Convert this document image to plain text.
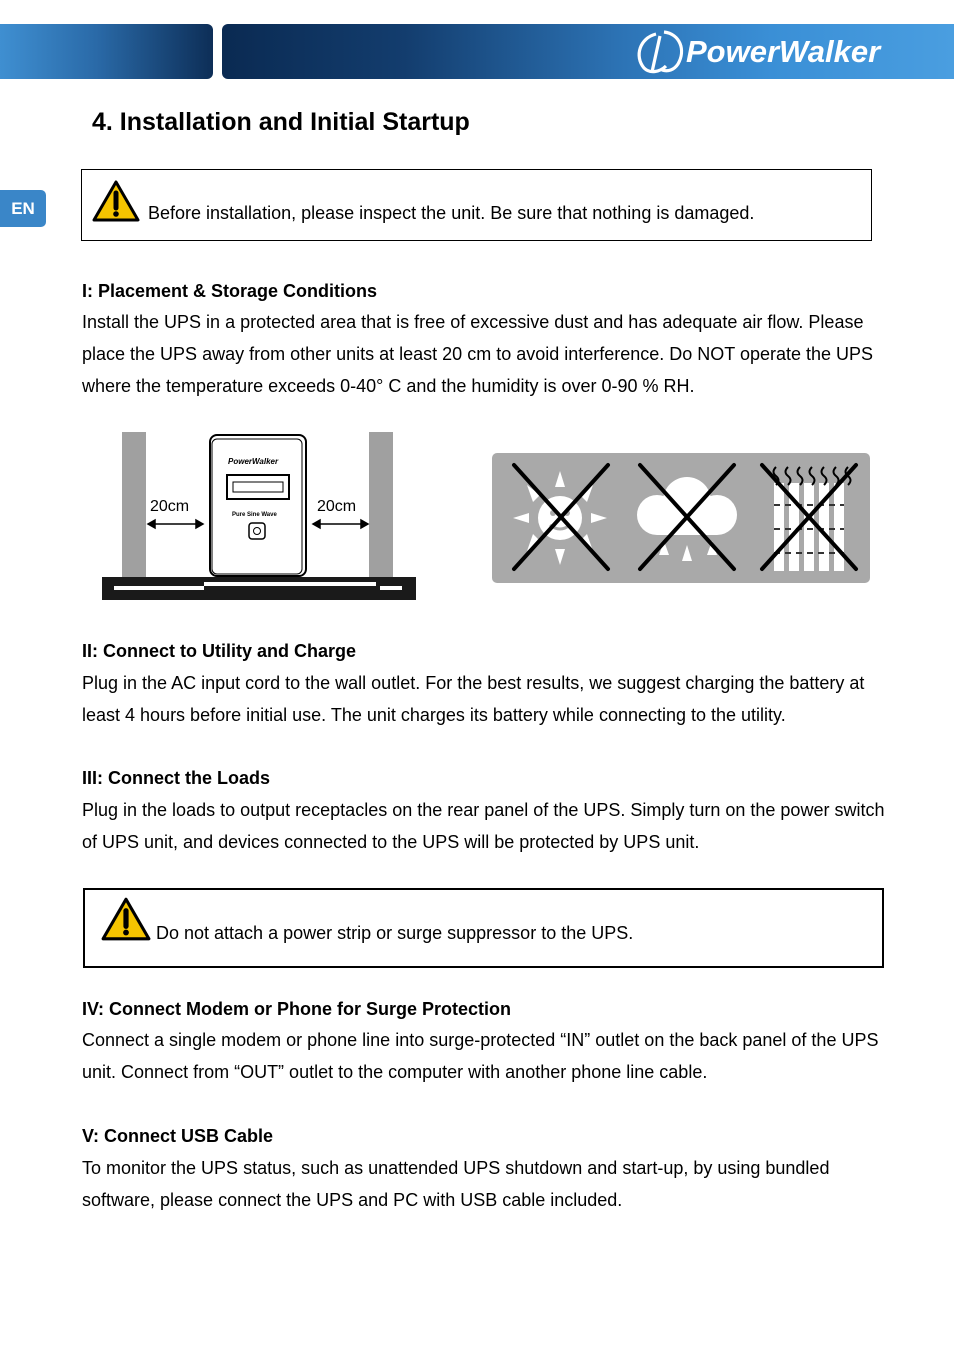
PowerWalker
EN
4. Installation and Initial Startup
Before installation, please inspect the unit. Be sure that nothing is damaged.
I: Placement & Storage Conditions
Install the UPS in a protected area that is free of excessive dust and has adequate air flow. Please place the UPS away from other units at least 20 cm to avoid interference. Do NOT operate the UPS where the temperature exceeds 0-40° C and the humidity is over 0-90 % RH.
PowerWalker
Pure Sine Wave
20cm	20cm
II: Connect to Utility and Charge
Plug in the AC input cord to the wall outlet. For the best results, we suggest charging the battery at least 4 hours before initial use. The unit charges its battery while connecting to the utility.
III: Connect the Loads
Plug in the loads to output receptacles on the rear panel of the UPS. Simply turn on the power switch of UPS unit, and devices connected to the UPS will be protected by UPS unit.
Do not attach a power strip or surge suppressor to the UPS.
IV: Connect Modem or Phone for Surge Protection
Connect a single modem or phone line into surge-protected “IN” outlet on the back panel of the UPS unit. Connect from “OUT” outlet to the computer with another phone line cable.
V: Connect USB Cable
To monitor the UPS status, such as unattended UPS shutdown and start-up, by using bundled software, please connect the UPS and PC with USB cable included.
